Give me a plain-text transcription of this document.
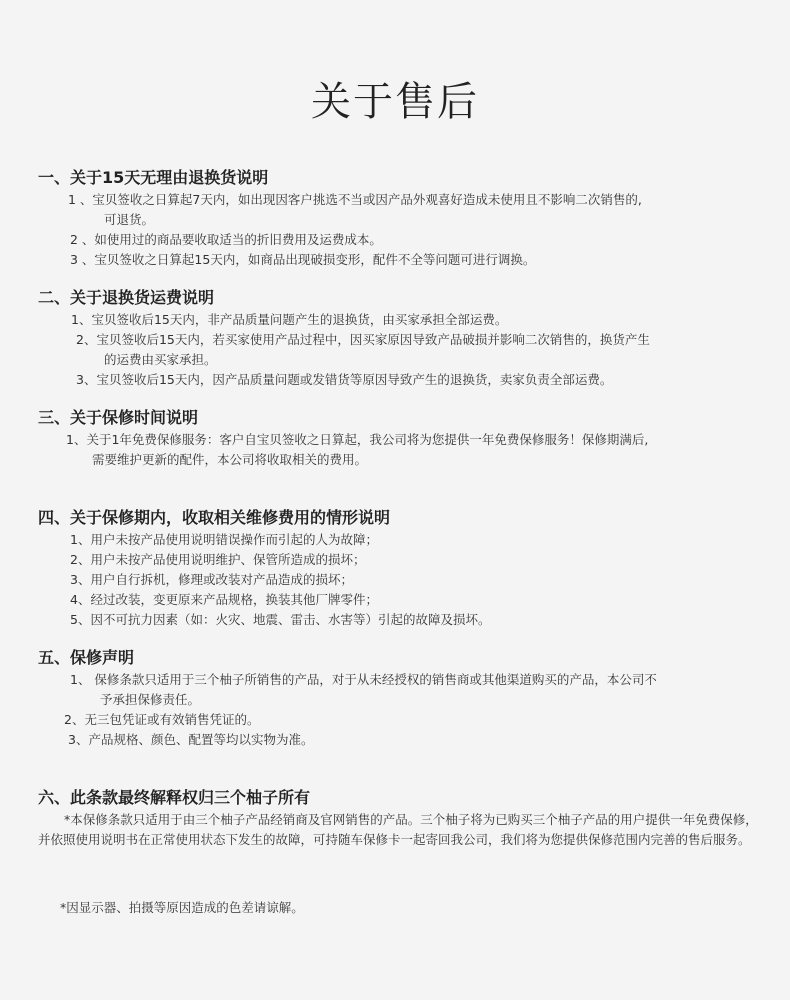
关于售后
一、关于15天无理由退换货说明

1 、宝贝签收之日算起7天内，如出现因客户挑选不当或因产品外观喜好造成未使用且不影响二次销售的,
可退货。

2 、如使用过的商品要收取适当的折旧费用及运费成本。

3 、宝贝签收之日算起15天内，如商品出现破损变形，配件不全等问题可进行调换。

二、关于退换货运费说明

1、宝贝签收后15天内，非产品质量问题产生的退换货，由买家承担全部运费。

2、宝贝签收后15天内，若买家使用产品过程中，因买家原因导致产品破损并影响二次销售的，换货产生
的运费由买家承担。

3、宝贝签收后15天内，因产品质量问题或发错货等原因导致产生的退换货，卖家负责全部运费。

三、关于保修时间说明

1、关于1年免费保修服务：客户自宝贝签收之日算起，我公司将为您提供一年免费保修服务！保修期满后,
需要维护更新的配件，本公司将收取相关的费用。

四、关于保修期内，收取相关维修费用的情形说明

1、用户未按产品使用说明错误操作而引起的人为故障；

2、用户未按产品使用说明维护、保管所造成的损坏；

3、用户自行拆机，修理或改装对产品造成的损坏；

4、经过改装，变更原来产品规格，换装其他厂牌零件；

5、因不可抗力因素（如：火灾、地震、雷击、水害等）引起的故障及损坏。

五、保修声明

1、 保修条款只适用于三个柚子所销售的产品，对于从未经授权的销售商或其他渠道购买的产品，本公司不
予承担保修责任。

2、无三包凭证或有效销售凭证的。

3、产品规格、颜色、配置等均以实物为准。

六、此条款最终解释权归三个柚子所有

*本保修条款只适用于由三个柚子产品经销商及官网销售的产品。三个柚子将为已购买三个柚子产品的用户提供一年免费保修，并依照使用说明书在正常使用状态下发生的故障，可持随车保修卡一起寄回我公司，我们将为您提供保修范围内完善的售后服务。

*因显示器、拍摄等原因造成的色差请谅解。
